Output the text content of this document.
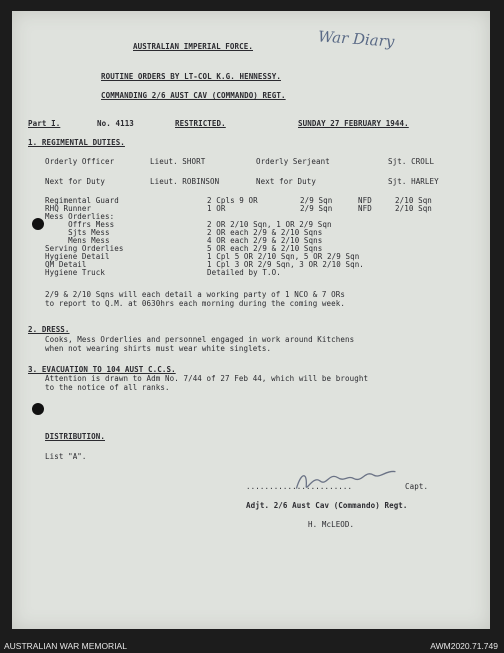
War Diary
AUSTRALIAN IMPERIAL FORCE.
ROUTINE ORDERS BY LT-COL K.G. HENNESSY.
COMMANDING 2/6 AUST CAV (COMMANDO) REGT.
Part I.	No. 4113	RESTRICTED.	SUNDAY 27 FEBRUARY 1944.
1. REGIMENTAL DUTIES.
Orderly Officer	Lieut. SHORT	Orderly Serjeant	Sjt. CROLL
Next for Duty	Lieut. ROBINSON	Next for Duty	Sjt. HARLEY
Regimental Guard	2 Cpls 9 OR	2/9 Sqn	NFD	2/10 Sqn
RHQ Runner	1 OR	2/9 Sqn	NFD	2/10 Sqn
Mess Orderlies:
Offrs Mess	2 OR 2/10 Sqn, 1 OR 2/9 Sqn
Sjts Mess	2 OR each 2/9 & 2/10 Sqns
Mens Mess	4 OR each 2/9 & 2/10 Sqns
Serving Orderlies	5 OR each 2/9 & 2/10 Sqns
Hygiene Detail	1 Cpl 5 OR 2/10 Sqn, 5 OR 2/9 Sqn
QM Detail	1 Cpl 3 OR 2/9 Sqn, 3 OR 2/10 Sqn.
Hygiene Truck	Detailed by T.O.
2/9 & 2/10 Sqns will each detail a working party of 1 NCO & 7 ORs
to report to Q.M. at 0630hrs each morning during the coming week.
2. DRESS.
Cooks, Mess Orderlies and personnel engaged in work around Kitchens
when not wearing shirts must wear white singlets.
3. EVACUATION TO 104 AUST C.C.S.
Attention is drawn to Adm No. 7/44 of 27 Feb 44, which will be brought
to the notice of all ranks.
DISTRIBUTION.
List "A".
.......................	Capt.
Adjt. 2/6 Aust Cav (Commando) Regt.
H. McLEOD.
AUSTRALIAN WAR MEMORIAL	AWM2020.71.749
